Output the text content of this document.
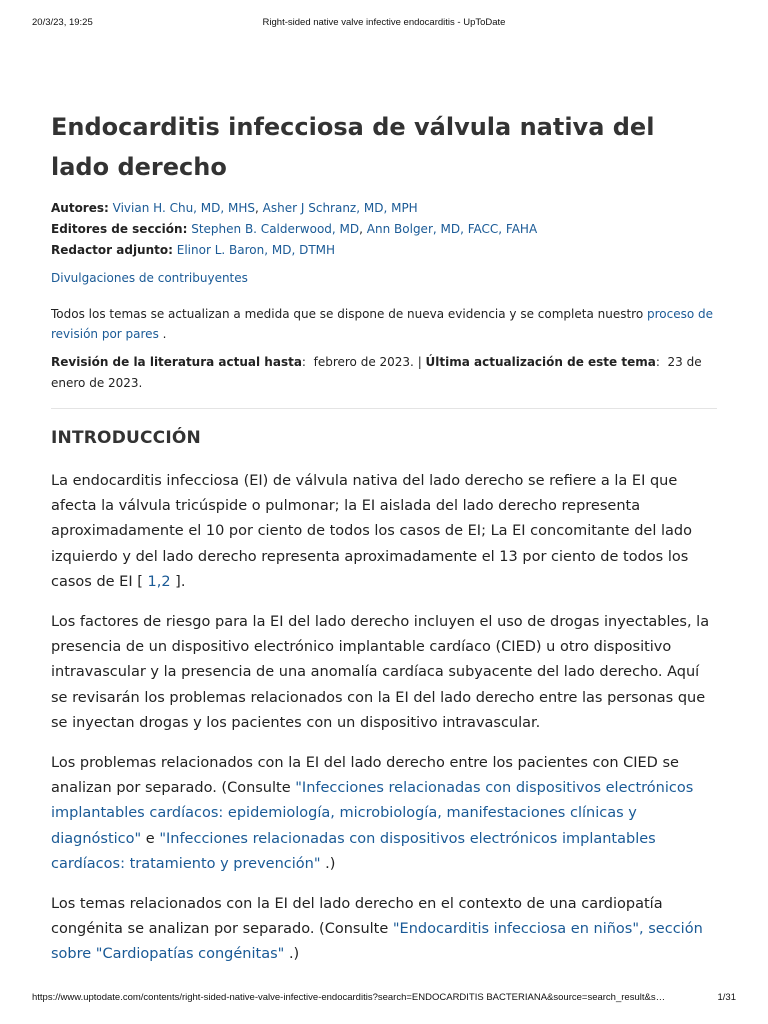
20/3/23, 19:25	Right-sided native valve infective endocarditis - UpToDate
Endocarditis infecciosa de válvula nativa del lado derecho
Autores: Vivian H. Chu, MD, MHS, Asher J Schranz, MD, MPH
Editores de sección: Stephen B. Calderwood, MD, Ann Bolger, MD, FACC, FAHA
Redactor adjunto: Elinor L. Baron, MD, DTMH
Divulgaciones de contribuyentes
Todos los temas se actualizan a medida que se dispone de nueva evidencia y se completa nuestro proceso de revisión por pares .
Revisión de la literatura actual hasta:  febrero de 2023. | Última actualización de este tema:  23 de enero de 2023.
INTRODUCCIÓN

La endocarditis infecciosa (EI) de válvula nativa del lado derecho se refiere a la EI que afecta la válvula tricúspide o pulmonar; la EI aislada del lado derecho representa aproximadamente el 10 por ciento de todos los casos de EI; La EI concomitante del lado izquierdo y del lado derecho representa aproximadamente el 13 por ciento de todos los casos de EI [ 1,2 ].

Los factores de riesgo para la EI del lado derecho incluyen el uso de drogas inyectables, la presencia de un dispositivo electrónico implantable cardíaco (CIED) u otro dispositivo intravascular y la presencia de una anomalía cardíaca subyacente del lado derecho. Aquí se revisarán los problemas relacionados con la EI del lado derecho entre las personas que se inyectan drogas y los pacientes con un dispositivo intravascular.

Los problemas relacionados con la EI del lado derecho entre los pacientes con CIED se analizan por separado. (Consulte "Infecciones relacionadas con dispositivos electrónicos implantables cardíacos: epidemiología, microbiología, manifestaciones clínicas y diagnóstico" e "Infecciones relacionadas con dispositivos electrónicos implantables cardíacos: tratamiento y prevención" .)

Los temas relacionados con la EI del lado derecho en el contexto de una cardiopatía congénita se analizan por separado. (Consulte "Endocarditis infecciosa en niños", sección sobre "Cardiopatías congénitas" .)

https://www.uptodate.com/contents/right-sided-native-valve-infective-endocarditis?search=ENDOCARDITIS BACTERIANA&source=search_result&s…	1/31
